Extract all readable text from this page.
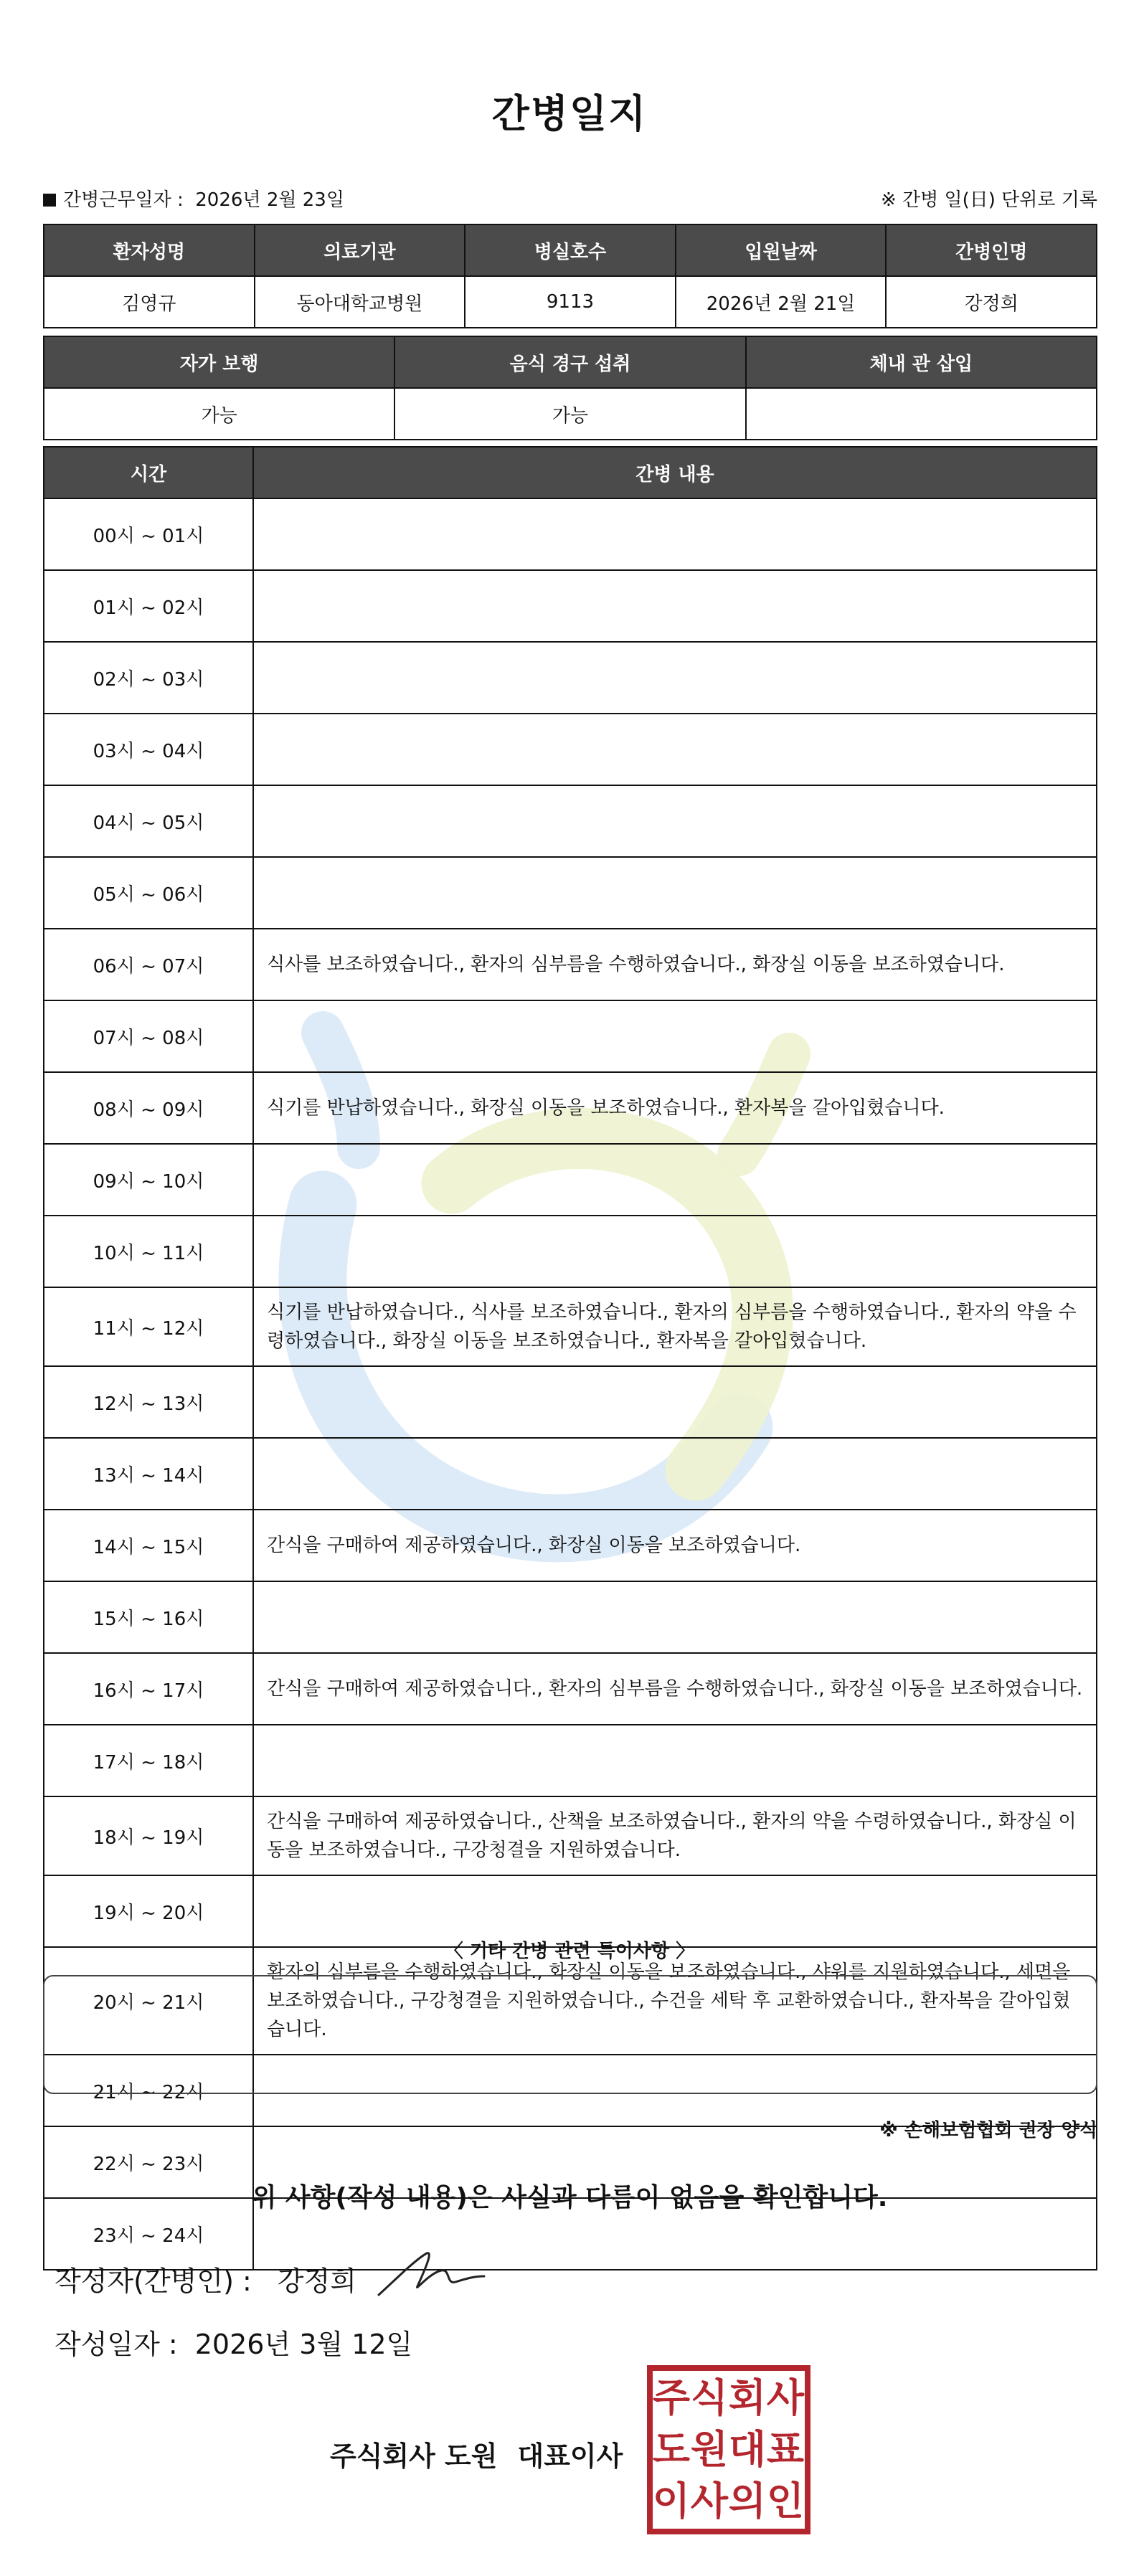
간병일지
간병근무일자 : 2026년 2월 23일	※ 간병 일(日) 단위로 기록
환자성명	의료기관	병실호수	입원날짜	간병인명
김영규	동아대학교병원	9113	2026년 2월 21일	강정희
자가 보행	음식 경구 섭취	체내 관 삽입
가능	가능	
시간	간병 내용
00시 ~ 01시	
01시 ~ 02시	
02시 ~ 03시	
03시 ~ 04시	
04시 ~ 05시	
05시 ~ 06시	
06시 ~ 07시	식사를 보조하였습니다., 환자의 심부름을 수행하였습니다., 화장실 이동을 보조하였습니다.
07시 ~ 08시	
08시 ~ 09시	식기를 반납하였습니다., 화장실 이동을 보조하였습니다., 환자복을 갈아입혔습니다.
09시 ~ 10시	
10시 ~ 11시	
11시 ~ 12시	식기를 반납하였습니다., 식사를 보조하였습니다., 환자의 심부름을 수행하였습니다., 환자의 약을 수령하였습니다., 화장실 이동을 보조하였습니다., 환자복을 갈아입혔습니다.
12시 ~ 13시	
13시 ~ 14시	
14시 ~ 15시	간식을 구매하여 제공하였습니다., 화장실 이동을 보조하였습니다.
15시 ~ 16시	
16시 ~ 17시	간식을 구매하여 제공하였습니다., 환자의 심부름을 수행하였습니다., 화장실 이동을 보조하였습니다.
17시 ~ 18시	
18시 ~ 19시	간식을 구매하여 제공하였습니다., 산책을 보조하였습니다., 환자의 약을 수령하였습니다., 화장실 이동을 보조하였습니다., 구강청결을 지원하였습니다.
19시 ~ 20시	
20시 ~ 21시	환자의 심부름을 수행하였습니다., 화장실 이동을 보조하였습니다., 샤워를 지원하였습니다., 세면을 보조하였습니다., 구강청결을 지원하였습니다., 수건을 세탁 후 교환하였습니다., 환자복을 갈아입혔습니다.
21시 ~ 22시	
22시 ~ 23시	
23시 ~ 24시	
〈 기타 간병 관련 특이사항 〉
※ 손해보험협회 권장 양식
위 사항(작성 내용)은 사실과 다름이 없음을 확인합니다.
작성자(간병인) : 강정희
작성일자 : 2026년 3월 12일
주식회사 도원 대표이사
주 식 회 사
도 원 대 표
이 사 의 인
